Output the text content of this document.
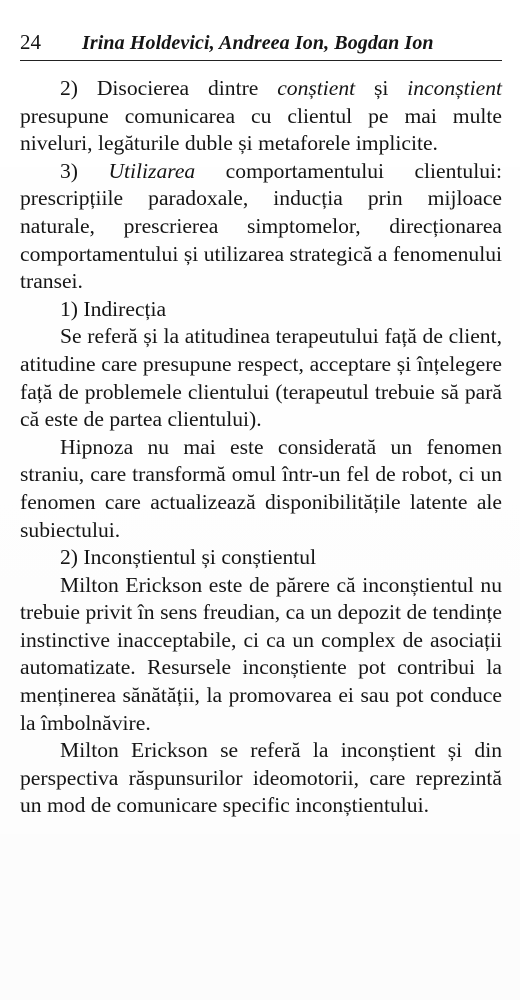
24	Irina Holdevici, Andreea Ion, Bogdan Ion

2) Disocierea dintre conștient și inconștient presupune comunicarea cu clientul pe mai multe niveluri, legăturile duble și metaforele implicite.

3) Utilizarea comportamentului clientului: prescripțiile paradoxale, inducția prin mijloace naturale, prescrierea simptomelor, direcționarea comportamentului și utilizarea strategică a fenomenului transei.

1) Indirecția

Se referă și la atitudinea terapeutului față de client, atitudine care presupune respect, acceptare și înțelegere față de problemele clientului (terapeutul trebuie să pară că este de partea clientului).

Hipnoza nu mai este considerată un fenomen straniu, care transformă omul într-un fel de robot, ci un fenomen care actualizează disponibilitățile latente ale subiectului.

2) Inconștientul și conștientul

Milton Erickson este de părere că inconștientul nu trebuie privit în sens freudian, ca un depozit de tendințe instinctive inacceptabile, ci ca un complex de asociații automatizate. Resursele inconștiente pot contribui la menținerea sănătății, la promovarea ei sau pot conduce la îmbolnăvire.

Milton Erickson se referă la inconștient și din perspectiva răspunsurilor ideomotorii, care reprezintă un mod de comunicare specific inconștientului.
